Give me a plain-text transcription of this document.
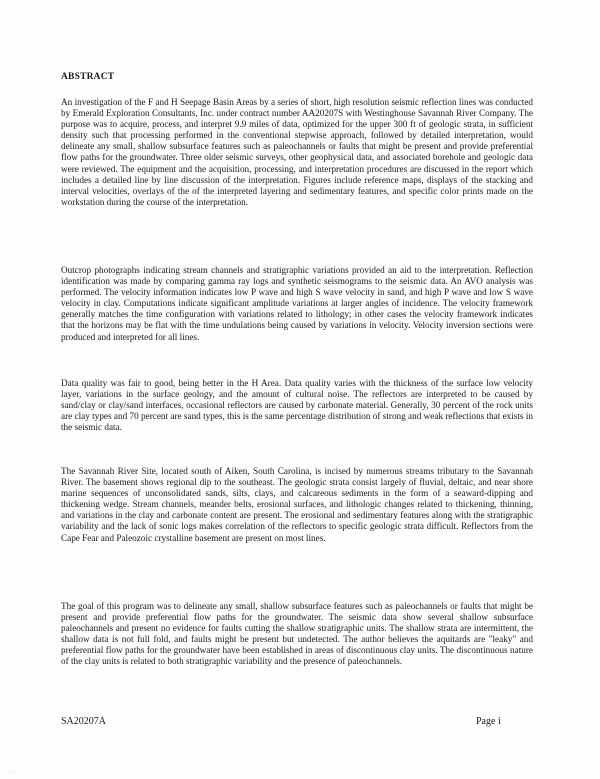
ABSTRACT

An investigation of the F and H Seepage Basin Areas by a series of short, high resolution seismic reflection lines was conducted by Emerald Exploration Consultants, Inc. under contract number AA20207S with Westinghouse Savannah River Company. The purpose was to acquire, process, and interpret 9.9 miles of data, optimized for the upper 300 ft of geologic strata, in sufficient density such that processing performed in the conventional stepwise approach, followed by detailed interpretation, would delineate any small, shallow subsurface features such as paleochannels or faults that might be present and provide preferential flow paths for the groundwater. Three older seismic surveys, other geophysical data, and associated borehole and geologic data were reviewed. The equipment and the acquisition, processing, and interpretation procedures are discussed in the report which includes a detailed line by line discussion of the interpretation. Figures include reference maps, displays of the stacking and interval velocities, overlays of the of the interpreted layering and sedimentary features, and specific color prints made on the workstation during the course of the interpretation.

Outcrop photographs indicating stream channels and stratigraphic variations provided an aid to the interpretation. Reflection identification was made by comparing gamma ray logs and synthetic seismograms to the seismic data. An AVO analysis was performed. The velocity information indicates low P wave and high S wave velocity in sand, and high P wave and low S wave velocity in clay. Computations indicate significant amplitude variations at larger angles of incidence. The velocity framework generally matches the time configuration with variations related to lithology; in other cases the velocity framework indicates that the horizons may be flat with the time undulations being caused by variations in velocity. Velocity inversion sections were produced and interpreted for all lines.

Data quality was fair to good, being better in the H Area. Data quality varies with the thickness of the surface low velocity layer, variations in the surface geology, and the amount of cultural noise. The reflectors are interpreted to be caused by sand/clay or clay/sand interfaces, occasional reflectors are caused by carbonate material. Generally, 30 percent of the rock units are clay types and 70 percent are sand types, this is the same percentage distribution of strong and weak reflections that exists in the seismic data.

The Savannah River Site, located south of Aiken, South Carolina, is incised by numerous streams tributary to the Savannah River. The basement shows regional dip to the southeast. The geologic strata consist largely of fluvial, deltaic, and near shore marine sequences of unconsolidated sands, silts, clays, and calcareous sediments in the form of a seaward-dipping and thickening wedge. Stream channels, meander belts, erosional surfaces, and lithologic changes related to thickening, thinning, and variations in the clay and carbonate content are present. The erosional and sedimentary features along with the stratigraphic variability and the lack of sonic logs makes correlation of the reflectors to specific geologic strata difficult. Reflectors from the Cape Fear and Paleozoic crystalline basement are present on most lines.

The goal of this program was to delineate any small, shallow subsurface features such as paleochannels or faults that might be present and provide preferential flow paths for the groundwater. The seismic data show several shallow subsurface paleochannels and present no evidence for faults cutting the shallow stratigraphic units. The shallow strata are intermittent, the shallow data is not full fold, and faults might be present but undetected. The author believes the aquitards are "leaky" and preferential flow paths for the groundwater have been established in areas of discontinuous clay units. The discontinuous nature of the clay units is related to both stratigraphic variability and the presence of paleochannels.

SA20207A	Page i

............
